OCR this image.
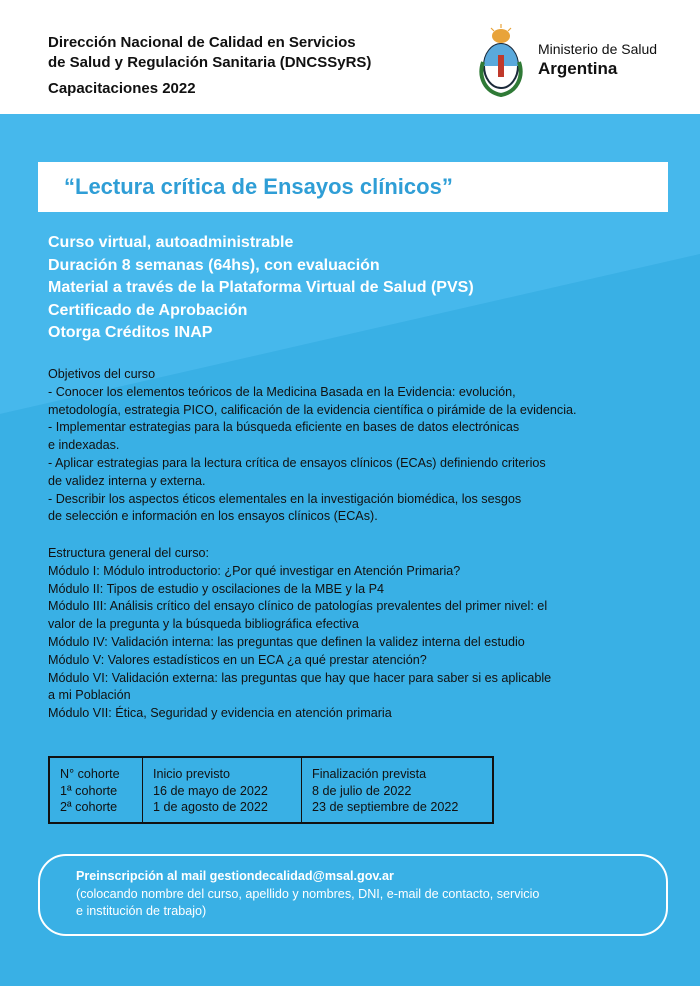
Dirección Nacional de Calidad en Servicios
de Salud y Regulación Sanitaria (DNCSSyRS)
Capacitaciones 2022
Ministerio de Salud
Argentina
“Lectura crítica de Ensayos clínicos”
Curso virtual, autoadministrable
Duración 8 semanas (64hs), con evaluación
Material a través de la Plataforma Virtual de Salud (PVS)
Certificado de Aprobación
Otorga Créditos INAP
Objetivos del curso
- Conocer los elementos teóricos de la Medicina Basada en la Evidencia: evolución,
metodología, estrategia PICO, calificación de la evidencia científica o pirámide de la evidencia.
- Implementar estrategias para la búsqueda eficiente en bases de datos electrónicas
e indexadas.
- Aplicar estrategias para la lectura crítica de ensayos clínicos (ECAs) definiendo criterios
de validez interna y externa.
- Describir los aspectos éticos elementales en la investigación biomédica, los sesgos
de selección e información en los ensayos clínicos (ECAs).
Estructura general del curso:
Módulo I: Módulo introductorio: ¿Por qué investigar en Atención Primaria?
Módulo II: Tipos de estudio y oscilaciones de la MBE y la P4
Módulo III: Análisis crítico del ensayo clínico de patologías prevalentes del primer nivel: el
valor de la pregunta y la búsqueda bibliográfica efectiva
Módulo IV: Validación interna: las preguntas que definen la validez interna del estudio
Módulo V: Valores estadísticos en un ECA ¿a qué prestar atención?
Módulo VI: Validación externa: las preguntas que hay que hacer para saber si es aplicable
a mi Población
Módulo VII: Ética, Seguridad y evidencia en atención primaria
N° cohorte
1ª cohorte
2ª cohorte
Inicio previsto
16 de mayo de 2022
1 de agosto de 2022
Finalización prevista
8 de julio de 2022
23 de septiembre de 2022
Preinscripción al mail gestiondecalidad@msal.gov.ar
(colocando nombre del curso, apellido y nombres, DNI, e-mail de contacto, servicio
e institución de trabajo)
